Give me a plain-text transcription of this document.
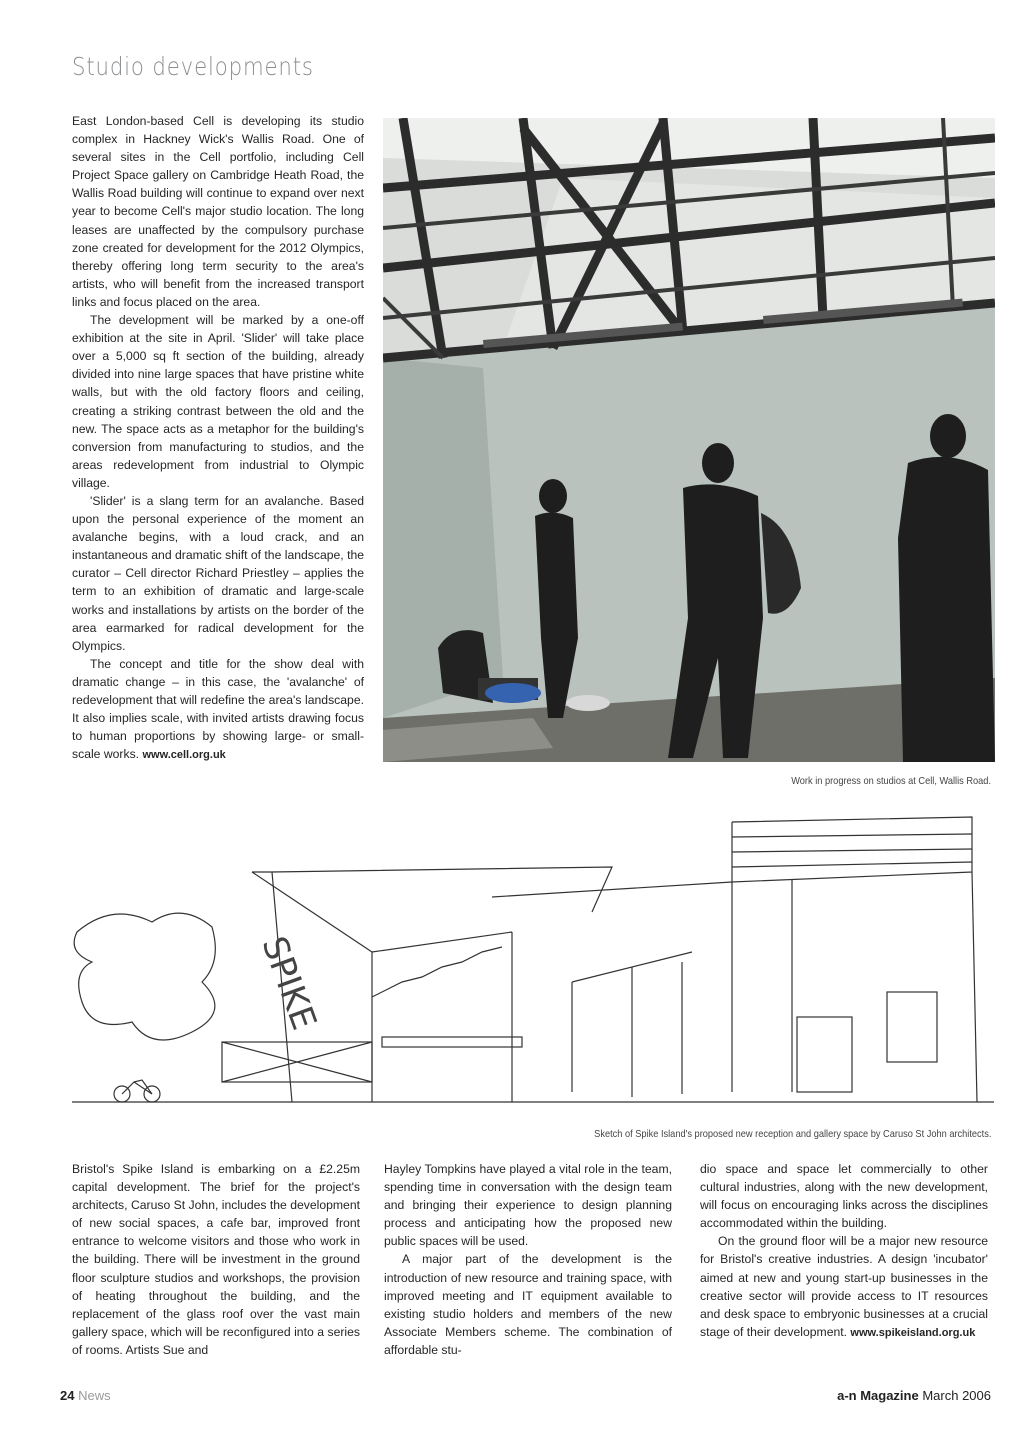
Studio developments

East London-based Cell is developing its studio complex in Hackney Wick's Wallis Road. One of several sites in the Cell portfolio, including Cell Project Space gallery on Cambridge Heath Road, the Wallis Road building will continue to expand over next year to become Cell's major studio location. The long leases are unaffected by the compulsory purchase zone created for development for the 2012 Olympics, thereby offering long term security to the area's artists, who will benefit from the increased transport links and focus placed on the area.

The development will be marked by a one-off exhibition at the site in April. 'Slider' will take place over a 5,000 sq ft section of the building, already divided into nine large spaces that have pristine white walls, but with the old factory floors and ceiling, creating a striking contrast between the old and the new. The space acts as a metaphor for the building's conversion from manufacturing to studios, and the areas redevelopment from industrial to Olympic village.

'Slider' is a slang term for an avalanche. Based upon the personal experience of the moment an avalanche begins, with a loud crack, and an instantaneous and dramatic shift of the landscape, the curator – Cell director Richard Priestley – applies the term to an exhibition of dramatic and large-scale works and installations by artists on the border of the area earmarked for radical development for the Olympics.

The concept and title for the show deal with dramatic change – in this case, the 'avalanche' of redevelopment that will redefine the area's landscape. It also implies scale, with invited artists drawing focus to human proportions by showing large- or small-scale works. www.cell.org.uk

Work in progress on studios at Cell, Wallis Road.
SPIKE
Sketch of Spike Island's proposed new reception and gallery space by Caruso St John architects.

Bristol's Spike Island is embarking on a £2.25m capital development. The brief for the project's architects, Caruso St John, includes the development of new social spaces, a cafe bar, improved front entrance to welcome visitors and those who work in the building. There will be investment in the ground floor sculpture studios and workshops, the provision of heating throughout the building, and the replacement of the glass roof over the vast main gallery space, which will be reconfigured into a series of rooms. Artists Sue and

Hayley Tompkins have played a vital role in the team, spending time in conversation with the design team and bringing their experience to design planning process and anticipating how the proposed new public spaces will be used.

A major part of the development is the introduction of new resource and training space, with improved meeting and IT equipment available to existing studio holders and members of the new Associate Members scheme. The combination of affordable stu-

dio space and space let commercially to other cultural industries, along with the new development, will focus on encouraging links across the disciplines accommodated within the building.

On the ground floor will be a major new resource for Bristol's creative industries. A design 'incubator' aimed at new and young start-up businesses in the creative sector will provide access to IT resources and desk space to embryonic businesses at a crucial stage of their development. www.spikeisland.org.uk

24 News	a-n Magazine March 2006
